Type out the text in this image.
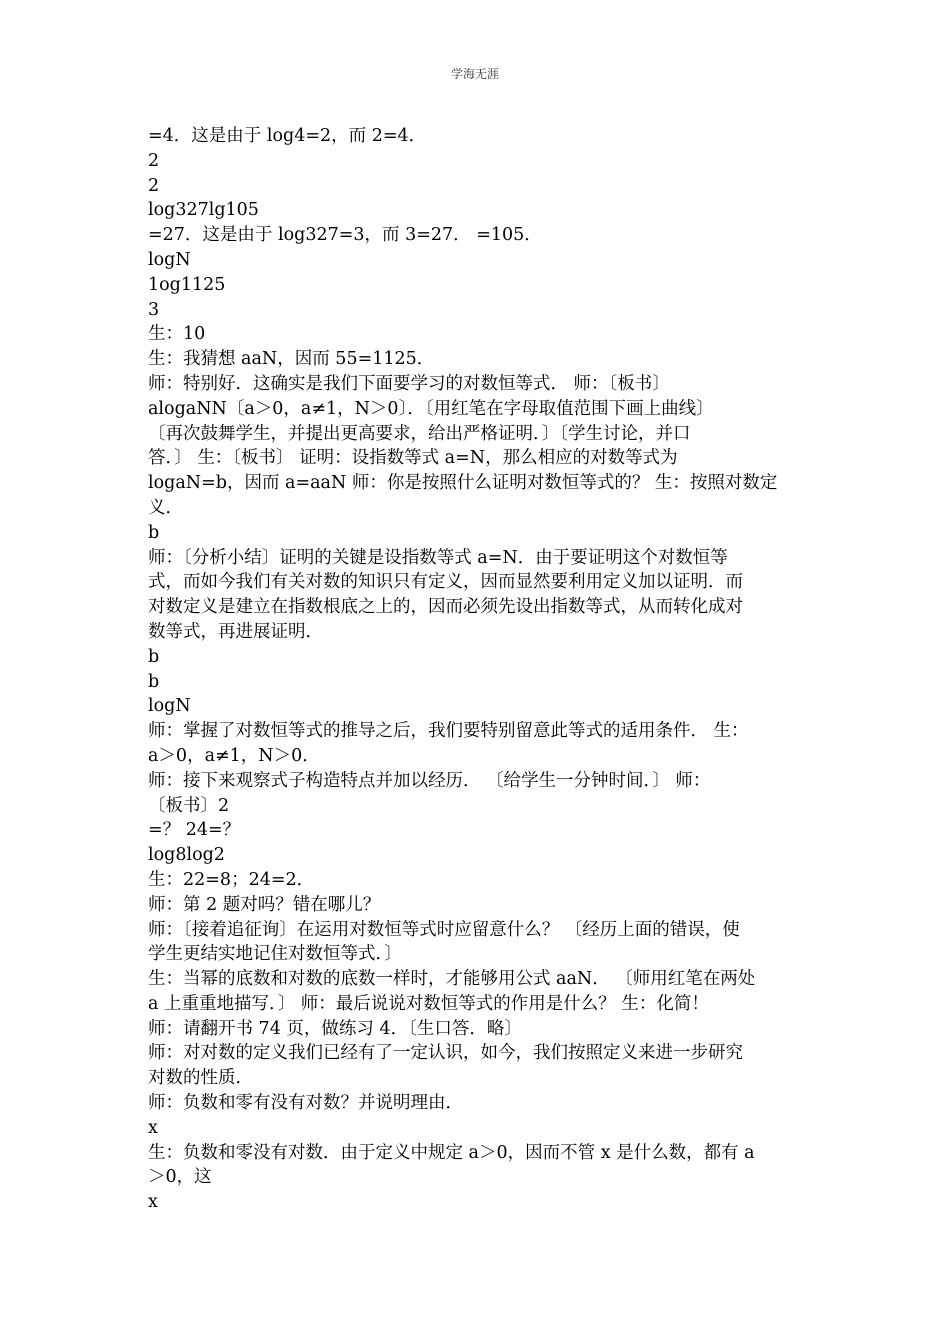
学海无涯
=4．这是由于 log4=2，而 2=4．
2
2
log327lg105
=27．这是由于 log327=3，而 3=27． =105．
logN
1og1125
3
生：10
生：我猜想 aaN，因而 55=1125．
师：特别好．这确实是我们下面要学习的对数恒等式． 师：〔板书〕
alogaNN〔a＞0，a≠1，N＞0〕．〔用红笔在字母取值范围下画上曲线〕
〔再次鼓舞学生，并提出更高要求，给出严格证明．〕〔学生讨论，并口
答．〕 生：〔板书〕 证明：设指数等式 a=N，那么相应的对数等式为
logaN=b，因而 a=aaN 师：你是按照什么证明对数恒等式的？ 生：按照对数定
义．
b
师：〔分析小结〕证明的关键是设指数等式 a=N．由于要证明这个对数恒等
式，而如今我们有关对数的知识只有定义，因而显然要利用定义加以证明．而
对数定义是建立在指数根底之上的，因而必须先设出指数等式，从而转化成对
数等式，再进展证明．
b
b
logN
师：掌握了对数恒等式的推导之后，我们要特别留意此等式的适用条件． 生：
a＞0，a≠1，N＞0．
师：接下来观察式子构造特点并加以经历． 〔给学生一分钟时间．〕 师：
〔板书〕2
=？ 24=？
log8log2
生：22=8；24=2．
师：第 2 题对吗？错在哪儿？
师：〔接着追征询〕在运用对数恒等式时应留意什么？ 〔经历上面的错误，使
学生更结实地记住对数恒等式．〕
生：当幂的底数和对数的底数一样时，才能够用公式 aaN． 〔师用红笔在两处
a 上重重地描写．〕 师：最后说说对数恒等式的作用是什么？ 生：化简！
师：请翻开书 74 页，做练习 4．〔生口答．略〕
师：对对数的定义我们已经有了一定认识，如今，我们按照定义来进一步研究
对数的性质．
师：负数和零有没有对数？并说明理由．
x
生：负数和零没有对数．由于定义中规定 a＞0，因而不管 x 是什么数，都有 a
＞0，这
x
